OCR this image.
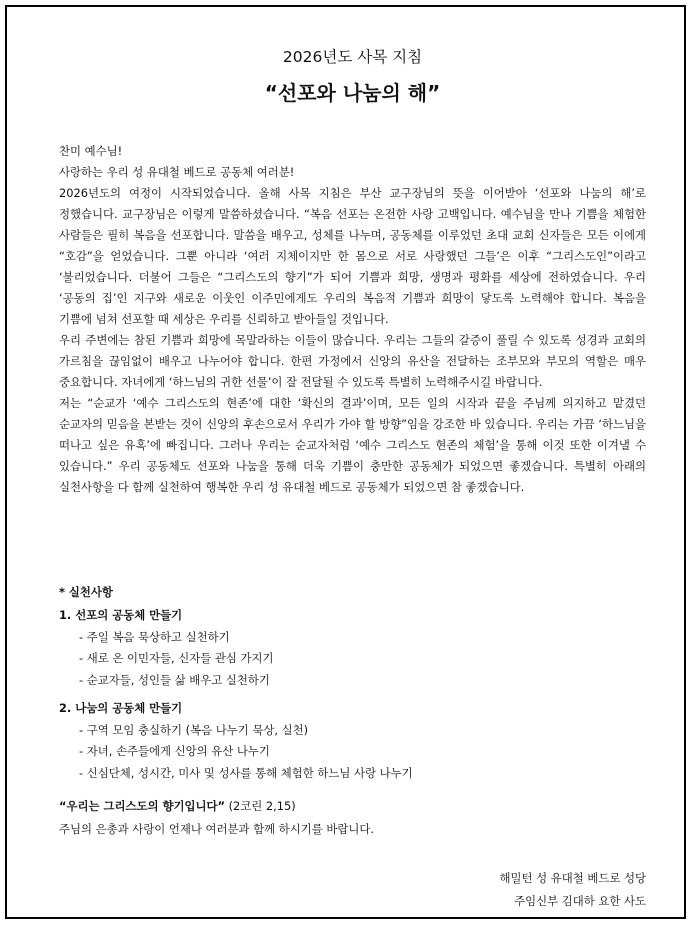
2026년도 사목 지침
“선포와 나눔의 해”

찬미 예수님!

사랑하는 우리 성 유대철 베드로 공동체 여러분!

2026년도의 여정이 시작되었습니다. 올해 사목 지침은 부산 교구장님의 뜻을 이어받아 ‘선포와 나눔의 해’로 정했습니다. 교구장님은 이렇게 말씀하셨습니다. “복음 선포는 온전한 사랑 고백입니다. 예수님을 만나 기쁨을 체험한 사람들은 필히 복음을 선포합니다. 말씀을 배우고, 성체를 나누며, 공동체를 이루었던 초대 교회 신자들은 모든 이에게 “호감”을 얻었습니다. 그뿐 아니라 ‘여러 지체이지만 한 몸으로 서로 사랑했던 그들’은 이후 “그리스도인”이라고 ‘불리었습니다. 더불어 그들은 “그리스도의 향기”가 되어 기쁨과 희망, 생명과 평화를 세상에 전하였습니다. 우리 ‘공동의 집’인 지구와 새로운 이웃인 이주민에게도 우리의 복음적 기쁨과 희망이 닿도록 노력해야 합니다. 복음을 기쁨에 넘쳐 선포할 때 세상은 우리를 신뢰하고 받아들일 것입니다.

우리 주변에는 참된 기쁨과 희망에 목말라하는 이들이 많습니다. 우리는 그들의 갈증이 풀릴 수 있도록 성경과 교회의 가르침을 끊임없이 배우고 나누어야 합니다. 한편 가정에서 신앙의 유산을 전달하는 조부모와 부모의 역할은 매우 중요합니다. 자녀에게 ‘하느님의 귀한 선물’이 잘 전달될 수 있도록 특별히 노력해주시길 바랍니다.

저는 “순교가 ‘예수 그리스도의 현존’에 대한 ‘확신의 결과’이며, 모든 일의 시작과 끝을 주님께 의지하고 맡겼던 순교자의 믿음을 본받는 것이 신앙의 후손으로서 우리가 가야 할 방향”임을 강조한 바 있습니다. 우리는 가끔 ‘하느님을 떠나고 싶은 유혹’에 빠집니다. 그러나 우리는 순교자처럼 ‘예수 그리스도 현존의 체험’을 통해 이것 또한 이겨낼 수 있습니다.” 우리 공동체도 선포와 나눔을 통해 더욱 기쁨이 충만한 공동체가 되었으면 좋겠습니다. 특별히 아래의 실천사항을 다 함께 실천하여 행복한 우리 성 유대철 베드로 공동체가 되었으면 참 좋겠습니다.

* 실천사항
1. 선포의 공동체 만들기
- 주일 복음 묵상하고 실천하기
- 새로 온 이민자들, 신자들 관심 가지기
- 순교자들, 성인들 삶 배우고 실천하기
2. 나눔의 공동체 만들기
- 구역 모임 충실하기 (복음 나누기 묵상, 실천)
- 자녀, 손주들에게 신앙의 유산 나누기
- 신심단체, 성시간, 미사 및 성사를 통해 체험한 하느님 사랑 나누기
“우리는 그리스도의 향기입니다” (2코린 2,15)
주님의 은총과 사랑이 언제나 여러분과 함께 하시기를 바랍니다.
해밀턴 성 유대철 베드로 성당
주임신부 김대하 요한 사도
